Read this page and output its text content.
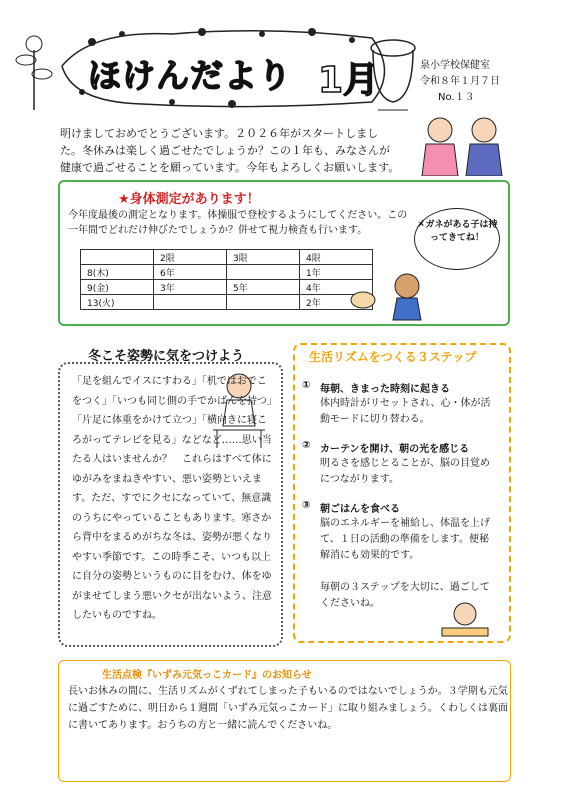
ほけんだより 1月	泉小学校保健室
令和８年１月７日
No.１３
明けましておめでとうございます。２０２６年がスタートしました。冬休みは楽しく過ごせたでしょうか？この１年も、みなさんが健康で過ごせることを願っています。今年もよろしくお願いします。
★身体測定があります！
今年度最後の測定となります。体操服で登校するようにしてください。この一年間でどれだけ伸びたでしょうか？併せて視力検査も行います。
	2限	3限	4限
8(木)	6年		1年
9(金)	3年	5年	4年
13(火)			2年
メガネがある子は持ってきてね！
冬こそ姿勢に気をつけよう
「足を組んでイスにすわる」「机ではおでこをつく」「いつも同じ側の手でかばんを持つ」「片足に体重をかけて立つ」「横向きに寝ころがってテレビを見る」などなど……思い当たる人はいませんか？　これらはすべて体にゆがみをまねきやすい、悪い姿勢といえます。ただ、すでにクセになっていて、無意識のうちにやっていることもあります。寒さから背中をまるめがちな冬は、姿勢が悪くなりやすい季節です。この時季こそ、いつも以上に自分の姿勢というものに目をむけ、体をゆがませてしまう悪いクセが出ないよう、注意したいものですね。
生活リズムをつくる３ステップ
① 毎朝、きまった時刻に起きる
体内時計がリセットされ、心・体が活動モードに切り替わる。
② カーテンを開け、朝の光を感じる
明るさを感じとることが、脳の目覚めにつながります。
③ 朝ごはんを食べる
脳のエネルギーを補給し、体温を上げて、１日の活動の準備をします。便秘解消にも効果的です。
毎朝の３ステップを大切に、過ごしてくださいね。
生活点検『いずみ元気っこカード』のお知らせ
長いお休みの間に、生活リズムがくずれてしまった子もいるのではないでしょうか。３学期も元気に過ごすために、明日から１週間「いずみ元気っこカード」に取り組みましょう。くわしくは裏面に書いてあります。おうちの方と一緒に読んでくださいね。
